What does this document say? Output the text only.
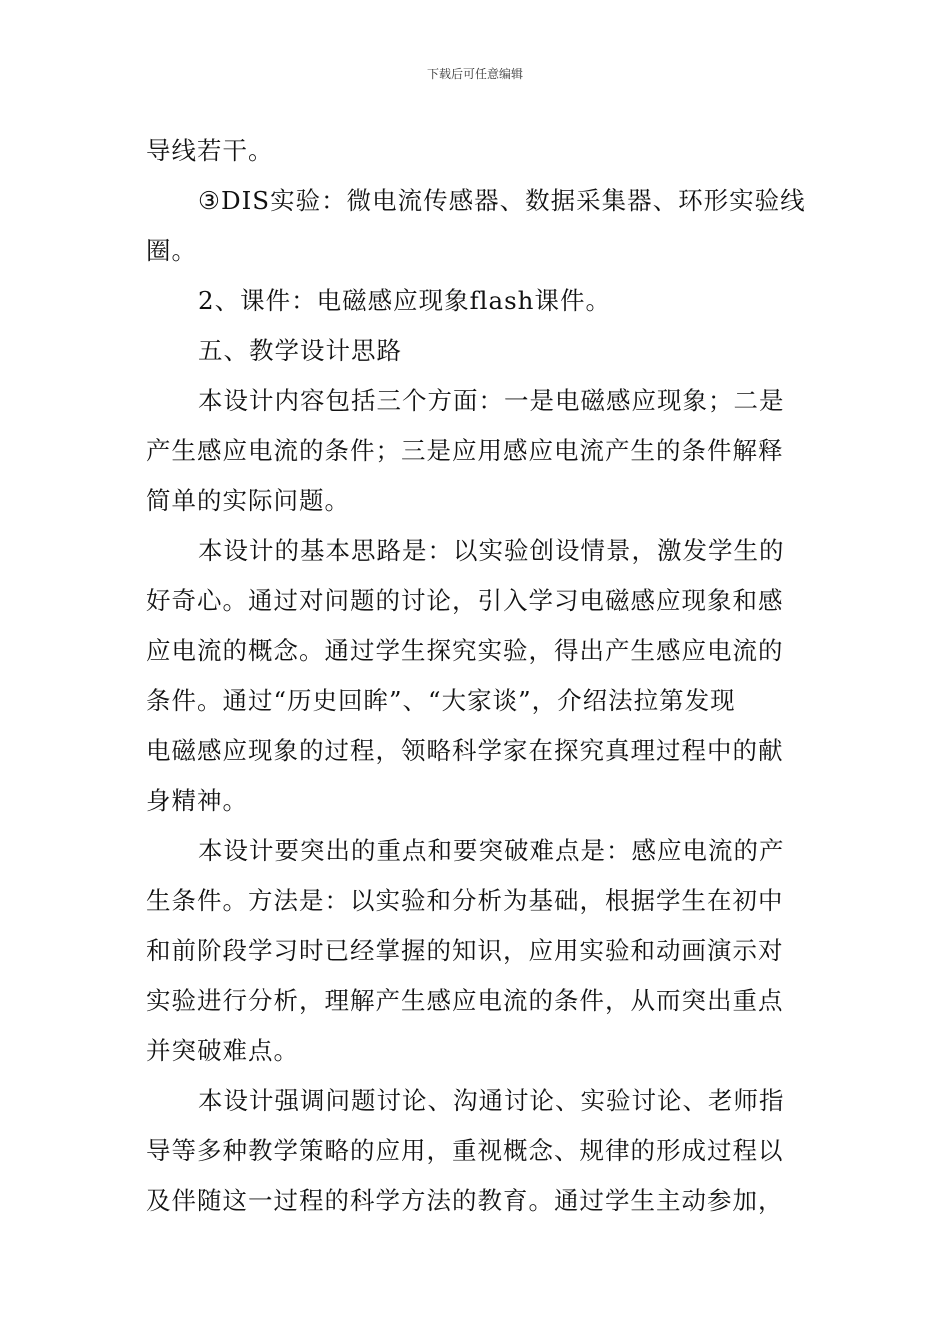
下载后可任意编辑
导线若干。
③DIS实验：微电流传感器、数据采集器、环形实验线
圈。
2、课件：电磁感应现象flash课件。
五、教学设计思路
本设计内容包括三个方面：一是电磁感应现象；二是
产生感应电流的条件；三是应用感应电流产生的条件解释
简单的实际问题。
本设计的基本思路是：以实验创设情景，激发学生的
好奇心。通过对问题的讨论，引入学习电磁感应现象和感
应电流的概念。通过学生探究实验，得出产生感应电流的
条件。通过“历史回眸”、“大家谈”，介绍法拉第发现
电磁感应现象的过程，领略科学家在探究真理过程中的献
身精神。
本设计要突出的重点和要突破难点是：感应电流的产
生条件。方法是：以实验和分析为基础，根据学生在初中
和前阶段学习时已经掌握的知识，应用实验和动画演示对
实验进行分析，理解产生感应电流的条件，从而突出重点
并突破难点。
本设计强调问题讨论、沟通讨论、实验讨论、老师指
导等多种教学策略的应用，重视概念、规律的形成过程以
及伴随这一过程的科学方法的教育。通过学生主动参加，
